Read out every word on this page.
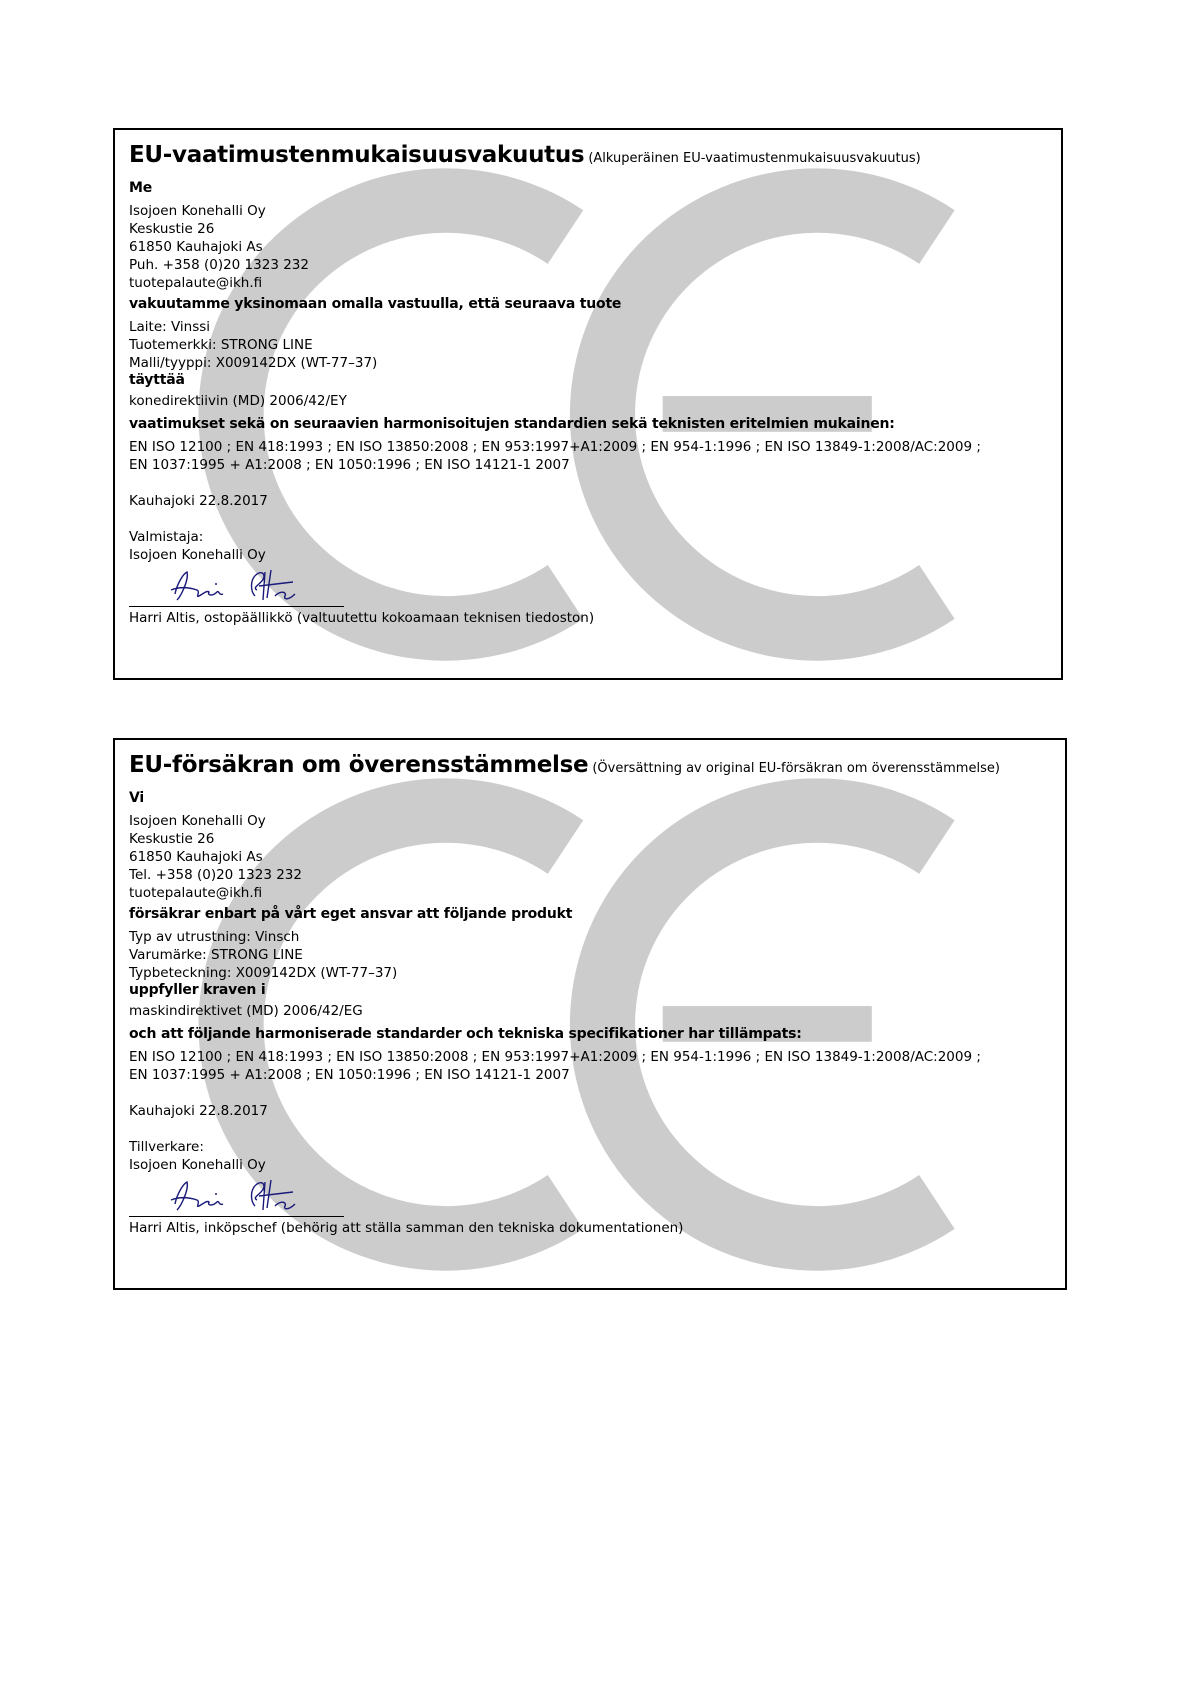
EU-vaatimustenmukaisuusvakuutus (Alkuperäinen EU-vaatimustenmukaisuusvakuutus)
Me
Isojoen Konehalli Oy
Keskustie 26
61850 Kauhajoki As
Puh. +358 (0)20 1323 232
tuotepalaute@ikh.fi
vakuutamme yksinomaan omalla vastuulla, että seuraava tuote
Laite: Vinssi
Tuotemerkki: STRONG LINE
Malli/tyyppi: X009142DX (WT-77–37)
täyttää
konedirektiivin (MD) 2006/42/EY
vaatimukset sekä on seuraavien harmonisoitujen standardien sekä teknisten eritelmien mukainen:
EN ISO 12100 ; EN 418:1993 ; EN ISO 13850:2008 ; EN 953:1997+A1:2009 ; EN 954-1:1996 ; EN ISO 13849-1:2008/AC:2009 ;
EN 1037:1995 + A1:2008 ; EN 1050:1996 ; EN ISO 14121-1 2007
Kauhajoki 22.8.2017
Valmistaja:
Isojoen Konehalli Oy
Harri Altis, ostopäällikkö (valtuutettu kokoamaan teknisen tiedoston)
EU-försäkran om överensstämmelse (Översättning av original EU-försäkran om överensstämmelse)
Vi
Isojoen Konehalli Oy
Keskustie 26
61850 Kauhajoki As
Tel. +358 (0)20 1323 232
tuotepalaute@ikh.fi
försäkrar enbart på vårt eget ansvar att följande produkt
Typ av utrustning: Vinsch
Varumärke: STRONG LINE
Typbeteckning: X009142DX (WT-77–37)
uppfyller kraven i
maskindirektivet (MD) 2006/42/EG
och att följande harmoniserade standarder och tekniska specifikationer har tillämpats:
EN ISO 12100 ; EN 418:1993 ; EN ISO 13850:2008 ; EN 953:1997+A1:2009 ; EN 954-1:1996 ; EN ISO 13849-1:2008/AC:2009 ;
EN 1037:1995 + A1:2008 ; EN 1050:1996 ; EN ISO 14121-1 2007
Kauhajoki 22.8.2017
Tillverkare:
Isojoen Konehalli Oy
Harri Altis, inköpschef (behörig att ställa samman den tekniska dokumentationen)
